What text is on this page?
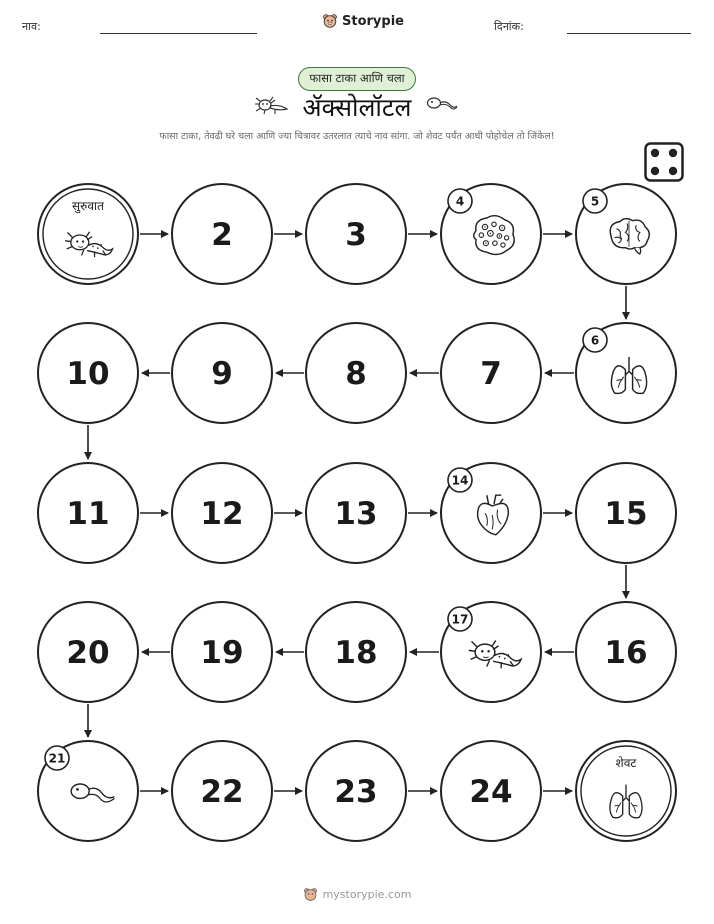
नाव:	Storypie	दिनांक:
फासा टाका आणि चला
ॲक्सोलॉटल
फासा टाका, तेवढी घरे चला आणि ज्या चित्रावर उतरलात त्याचे नाव सांगा. जो शेवट पर्यंत आधी पोहोचेल तो जिंकेल!
सुरुवात
2	3
4	5
6
7
8
9
10
11	12	13
14
15
16
17
18
19
20
21
22	23	24
शेवट
mystorypie.com
